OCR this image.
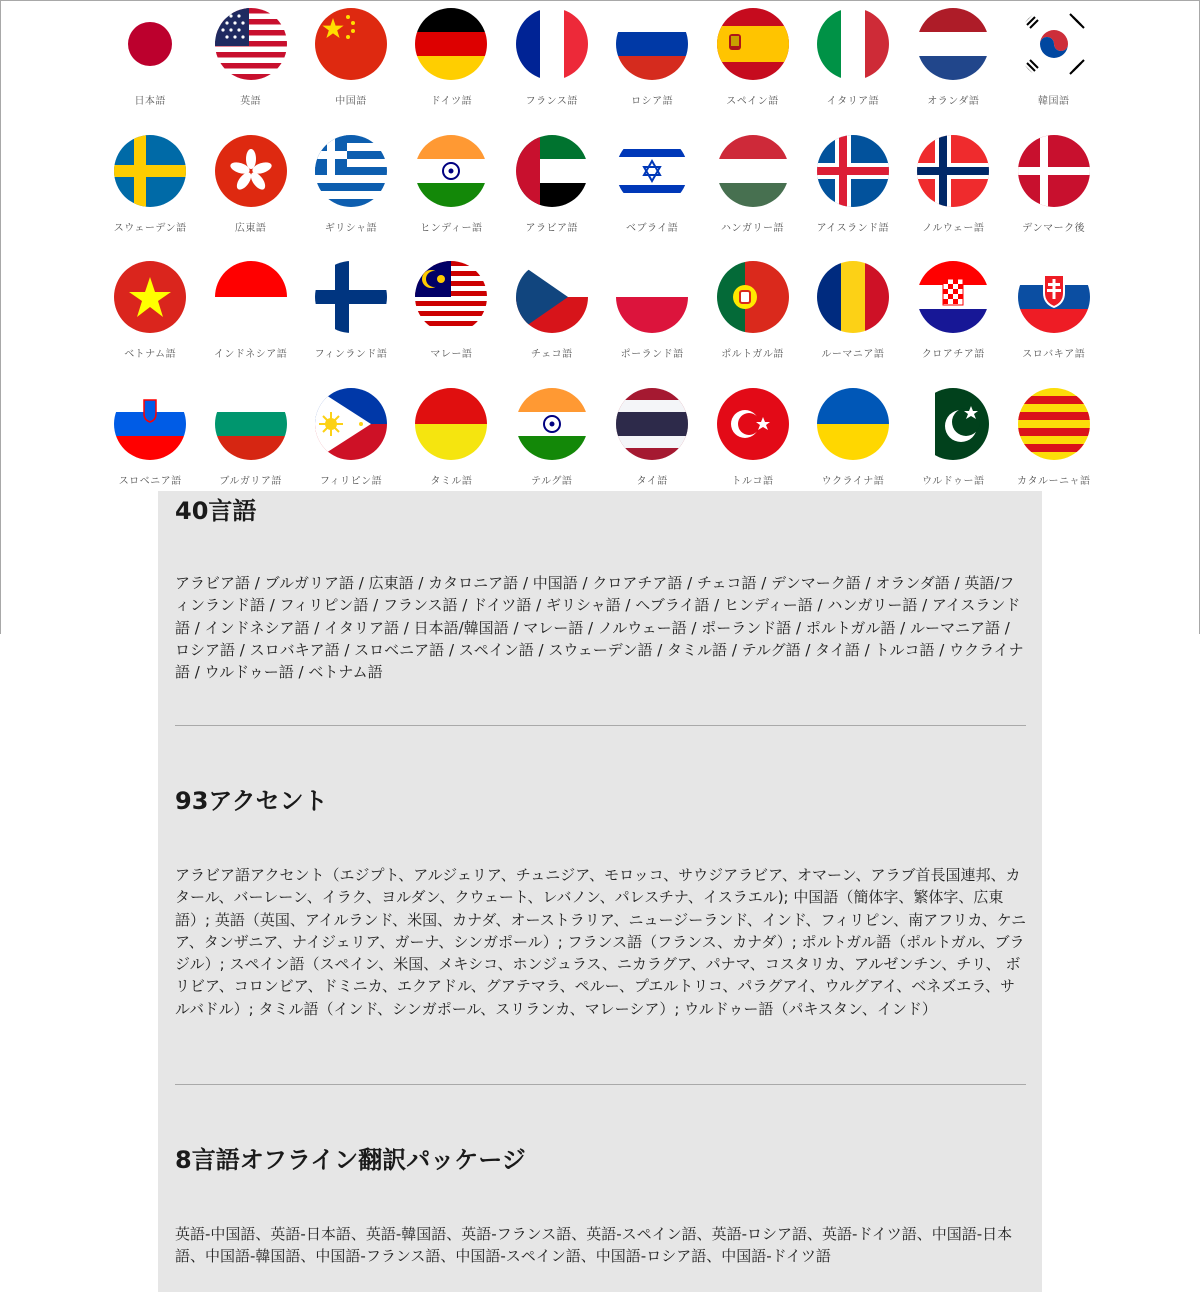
日本語	英語	中国語	ドイツ語	フランス語	ロシア語	スペイン語	イタリア語	オランダ語	韓国語
スウェーデン語	広東語	ギリシャ語	ヒンディー語	アラビア語	ベブライ語	ハンガリー語	アイスランド語	ノルウェー語	デンマーク後
ベトナム語	インドネシア語	フィンランド語	マレー語	チェコ語	ポーランド語	ポルトガル語	ルーマニア語	クロアチア語	スロバキア語
スロベニア語	ブルガリア語	フィリピン語	タミル語	テルグ語	タイ語	トルコ語	ウクライナ語	ウルドゥー語	カタルーニャ語
40言語

アラビア語 / ブルガリア語 / 広東語 / カタロニア語 / 中国語 / クロアチア語 / チェコ語 / デンマーク語 / オランダ語 / 英語/フィンランド語 / フィリピン語 / フランス語 / ドイツ語 / ギリシャ語 / ヘブライ語 / ヒンディー語 / ハンガリー語 / アイスランド語 / インドネシア語 / イタリア語 / 日本語/韓国語 / マレー語 / ノルウェー語 / ポーランド語 / ポルトガル語 / ルーマニア語 / ロシア語 / スロバキア語 / スロベニア語 / スペイン語 / スウェーデン語 / タミル語 / テルグ語 / タイ語 / トルコ語 / ウクライナ語 / ウルドゥー語 / ベトナム語

93アクセント

アラビア語アクセント（エジプト、アルジェリア、チュニジア、モロッコ、サウジアラビア、オマーン、アラブ首長国連邦、カタール、バーレーン、イラク、ヨルダン、クウェート、レバノン、パレスチナ、イスラエル); 中国語（簡体字、繁体字、広東語）; 英語（英国、アイルランド、米国、カナダ、オーストラリア、ニュージーランド、インド、フィリピン、南アフリカ、ケニア、タンザニア、ナイジェリア、ガーナ、シンガポール）; フランス語（フランス、カナダ）; ポルトガル語（ポルトガル、ブラジル）; スペイン語（スペイン、米国、メキシコ、ホンジュラス、ニカラグア、パナマ、コスタリカ、アルゼンチン、チリ、 ボリビア、コロンビア、ドミニカ、エクアドル、グアテマラ、ペルー、プエルトリコ、パラグアイ、ウルグアイ、ベネズエラ、サルバドル）; タミル語（インド、シンガポール、スリランカ、マレーシア）; ウルドゥー語（パキスタン、インド）

8言語オフライン翻訳パッケージ

英語-中国語、英語-日本語、英語-韓国語、英語-フランス語、英語-スペイン語、英語-ロシア語、英語-ドイツ語、中国語-日本語、中国語-韓国語、中国語-フランス語、中国語-スペイン語、中国語-ロシア語、中国語-ドイツ語
